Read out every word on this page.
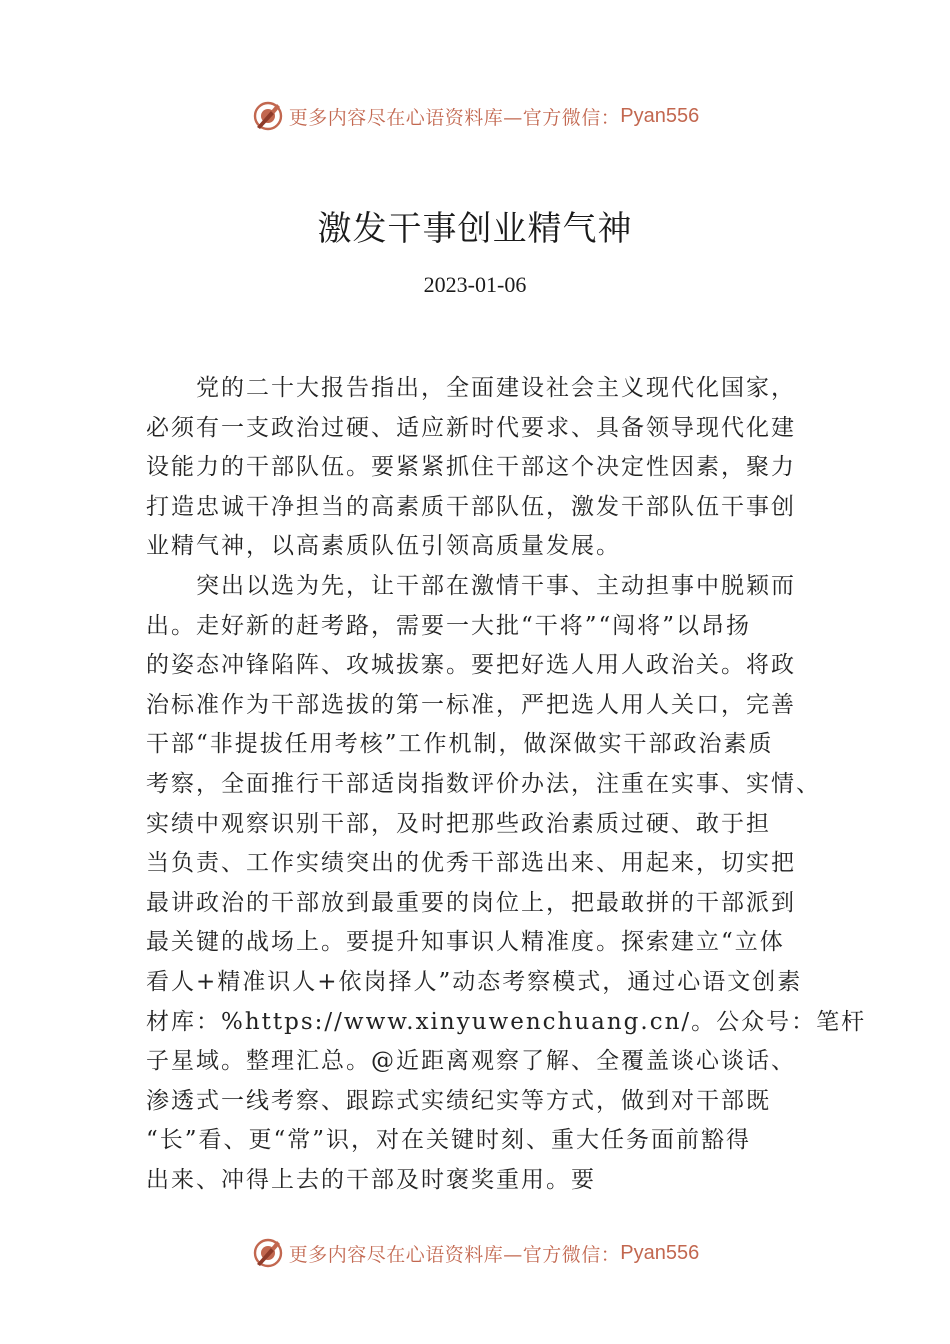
更多内容尽在心语资料库—官方微信： Pyan556
激发干事创业精气神
2023-01-06
　　党的二十大报告指出，全面建设社会主义现代化国家，
必须有一支政治过硬、适应新时代要求、具备领导现代化建
设能力的干部队伍。要紧紧抓住干部这个决定性因素，聚力
打造忠诚干净担当的高素质干部队伍，激发干部队伍干事创
业精气神，以高素质队伍引领高质量发展。
　　突出以选为先，让干部在激情干事、主动担事中脱颖而
出。走好新的赶考路，需要一大批“干将”“闯将”以昂扬
的姿态冲锋陷阵、攻城拔寨。要把好选人用人政治关。将政
治标准作为干部选拔的第一标准，严把选人用人关口，完善
干部“非提拔任用考核”工作机制，做深做实干部政治素质
考察，全面推行干部适岗指数评价办法，注重在实事、实情、
实绩中观察识别干部，及时把那些政治素质过硬、敢于担
当负责、工作实绩突出的优秀干部选出来、用起来，切实把
最讲政治的干部放到最重要的岗位上，把最敢拼的干部派到
最关键的战场上。要提升知事识人精准度。探索建立“立体
看人+精准识人+依岗择人”动态考察模式，通过心语文创素
材库：%https://www.xinyuwenchuang.cn/。公众号：笔杆
子星域。整理汇总。@近距离观察了解、全覆盖谈心谈话、
渗透式一线考察、跟踪式实绩纪实等方式，做到对干部既
“长”看、更“常”识，对在关键时刻、重大任务面前豁得
出来、冲得上去的干部及时褒奖重用。要
更多内容尽在心语资料库—官方微信： Pyan556
